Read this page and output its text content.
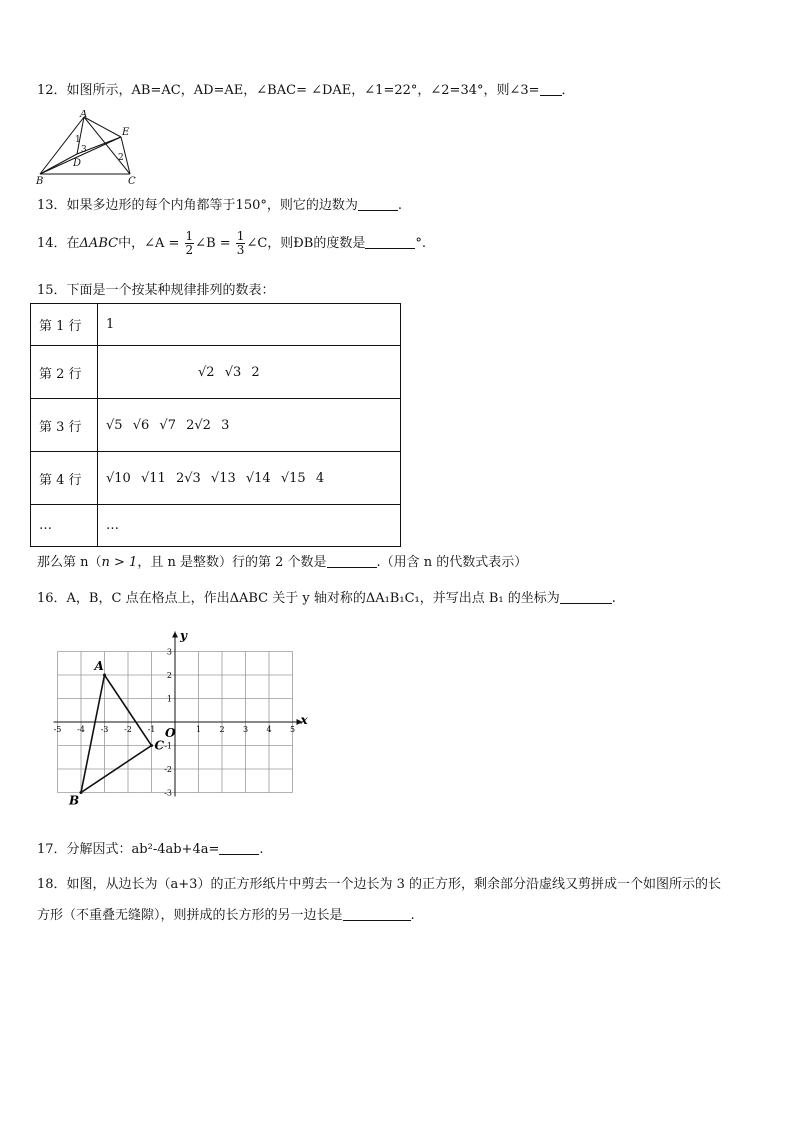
12．如图所示，AB=AC，AD=AE，∠BAC= ∠DAE，∠1=22°，∠2=34°，则∠3= ．
A
E
B	C
D
1
2
3
13．如果多边形的每个内角都等于150°，则它的边数为	.
14．在ΔABC中，∠A = $\frac{1}{2}$ ∠B = $\frac{1}{3}$ ∠C，则ÐB的度数是	°.
15．下面是一个按某种规律排列的数表：
第 1 行	1
第 2 行	√2 √3 2
第 3 行	√5 √6 √7 2√2 3
第 4 行	√10 √11 2√3 √13 √14 √15 4
…	…
那么第 n（n > 1，且 n 是整数）行的第 2 个数是	.（用含 n 的代数式表示）
16．A，B，C 点在格点上，作出ΔABC 关于 y 轴对称的ΔA₁B₁C₁，并写出点 B₁ 的坐标为	.
x
y
O
-5 -4 -3 -2 -1	1 2 3 4 5
3
2
1
-1
-2
-3
A
B
C
17．分解因式：ab²-4ab+4a=	.
18．如图，从边长为（a+3）的正方形纸片中剪去一个边长为 3 的正方形，剩余部分沿虚线又剪拼成一个如图所示的长
方形（不重叠无缝隙），则拼成的长方形的另一边长是	.
